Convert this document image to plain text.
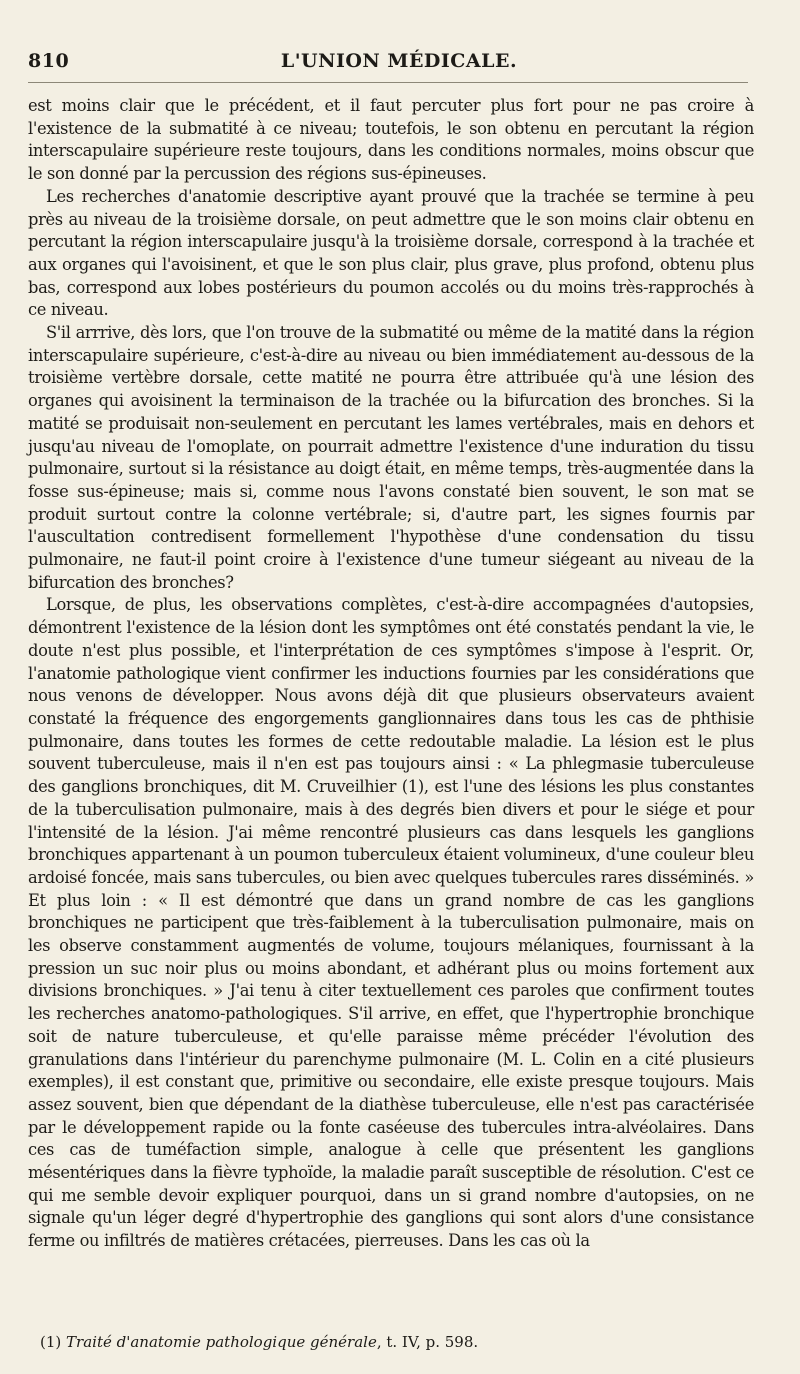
810	L'UNION MÉDICALE.

est moins clair que le précédent, et il faut percuter plus fort pour ne pas croire à l'existence de la submatité à ce niveau; toutefois, le son obtenu en percutant la région interscapulaire supérieure reste toujours, dans les conditions normales, moins obscur que le son donné par la percussion des régions sus-épineuses.

Les recherches d'anatomie descriptive ayant prouvé que la trachée se termine à peu près au niveau de la troisième dorsale, on peut admettre que le son moins clair obtenu en percutant la région interscapulaire jusqu'à la troisième dorsale, correspond à la trachée et aux organes qui l'avoisinent, et que le son plus clair, plus grave, plus profond, obtenu plus bas, correspond aux lobes postérieurs du poumon accolés ou du moins très-rapprochés à ce niveau.

S'il arrrive, dès lors, que l'on trouve de la submatité ou même de la matité dans la région interscapulaire supérieure, c'est-à-dire au niveau ou bien immédiatement au-dessous de la troisième vertèbre dorsale, cette matité ne pourra être attribuée qu'à une lésion des organes qui avoisinent la terminaison de la trachée ou la bifurcation des bronches. Si la matité se produisait non-seulement en percutant les lames vertébrales, mais en dehors et jusqu'au niveau de l'omoplate, on pourrait admettre l'existence d'une induration du tissu pulmonaire, surtout si la résistance au doigt était, en même temps, très-augmentée dans la fosse sus-épineuse; mais si, comme nous l'avons constaté bien souvent, le son mat se produit surtout contre la colonne vertébrale; si, d'autre part, les signes fournis par l'auscultation contredisent formellement l'hypothèse d'une condensation du tissu pulmonaire, ne faut-il point croire à l'existence d'une tumeur siégeant au niveau de la bifurcation des bronches?

Lorsque, de plus, les observations complètes, c'est-à-dire accompagnées d'autopsies, démontrent l'existence de la lésion dont les symptômes ont été constatés pendant la vie, le doute n'est plus possible, et l'interprétation de ces symptômes s'impose à l'esprit. Or, l'anatomie pathologique vient confirmer les inductions fournies par les considérations que nous venons de développer. Nous avons déjà dit que plusieurs observateurs avaient constaté la fréquence des engorgements ganglionnaires dans tous les cas de phthisie pulmonaire, dans toutes les formes de cette redoutable maladie. La lésion est le plus souvent tuberculeuse, mais il n'en est pas toujours ainsi : « La phlegmasie tuberculeuse des ganglions bronchiques, dit M. Cruveilhier (1), est l'une des lésions les plus constantes de la tuberculisation pulmonaire, mais à des degrés bien divers et pour le siége et pour l'intensité de la lésion. J'ai même rencontré plusieurs cas dans lesquels les ganglions bronchiques appartenant à un poumon tuberculeux étaient volumineux, d'une couleur bleu ardoisé foncée, mais sans tubercules, ou bien avec quelques tubercules rares disséminés. » Et plus loin : « Il est démontré que dans un grand nombre de cas les ganglions bronchiques ne participent que très-faiblement à la tuberculisation pulmonaire, mais on les observe constamment augmentés de volume, toujours mélaniques, fournissant à la pression un suc noir plus ou moins abondant, et adhérant plus ou moins fortement aux divisions bronchiques. » J'ai tenu à citer textuellement ces paroles que confirment toutes les recherches anatomo-pathologiques. S'il arrive, en effet, que l'hypertrophie bronchique soit de nature tuberculeuse, et qu'elle paraisse même précéder l'évolution des granulations dans l'intérieur du parenchyme pulmonaire (M. L. Colin en a cité plusieurs exemples), il est constant que, primitive ou secondaire, elle existe presque toujours. Mais assez souvent, bien que dépendant de la diathèse tuberculeuse, elle n'est pas caractérisée par le développement rapide ou la fonte caséeuse des tubercules intra-alvéolaires. Dans ces cas de tuméfaction simple, analogue à celle que présentent les ganglions mésentériques dans la fièvre typhoïde, la maladie paraît susceptible de résolution. C'est ce qui me semble devoir expliquer pourquoi, dans un si grand nombre d'autopsies, on ne signale qu'un léger degré d'hypertrophie des ganglions qui sont alors d'une consistance ferme ou infiltrés de matières crétacées, pierreuses. Dans les cas où la

(1) Traité d'anatomie pathologique générale, t. IV, p. 598.
